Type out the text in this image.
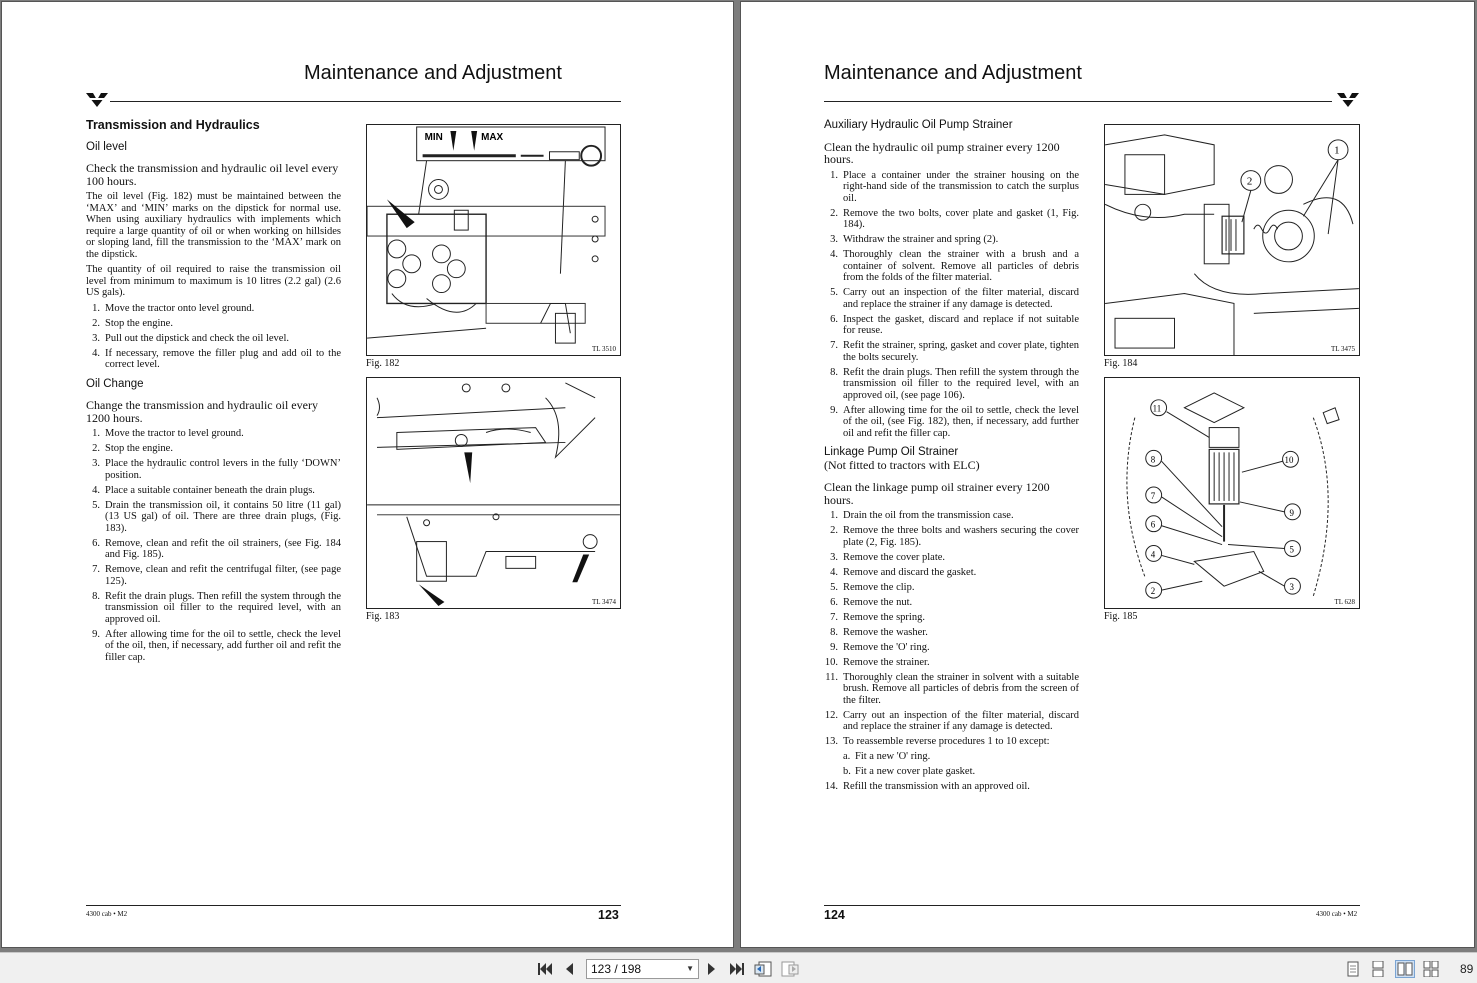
Maintenance and Adjustment
Transmission and Hydraulics
Oil level
Check the transmission and hydraulic oil level every 100 hours.
The oil level (Fig. 182) must be maintained between the ‘MAX’ and ‘MIN’ marks on the dipstick for normal use. When using auxiliary hydraulics with implements which require a large quantity of oil or when working on hillsides or sloping land, fill the transmission to the ‘MAX’ mark on the dipstick.
The quantity of oil required to raise the transmission oil level from minimum to maximum is 10 litres (2.2 gal) (2.6 US gals).
1. Move the tractor onto level ground.
2. Stop the engine.
3. Pull out the dipstick and check the oil level.
4. If necessary, remove the filler plug and add oil to the correct level.
Oil Change
Change the transmission and hydraulic oil every 1200 hours.
1. Move the tractor to level ground.
2. Stop the engine.
3. Place the hydraulic control levers in the fully ‘DOWN’ position.
4. Place a suitable container beneath the drain plugs.
5. Drain the transmission oil, it contains 50 litre (11 gal)(13 US gal) of oil. There are three drain plugs, (Fig. 183).
6. Remove, clean and refit the oil strainers, (see Fig. 184 and Fig. 185).
7. Remove, clean and refit the centrifugal filter, (see page 125).
8. Refit the drain plugs. Then refill the system through the transmission oil filler to the required level, with an approved oil.
9. After allowing time for the oil to settle, check the level of the oil, then, if necessary, add further oil and refit the filler cap.
MIN	MAX
TL 3510
Fig. 182
TL 3474
Fig. 183
4300 cab • M2	123
Maintenance and Adjustment
Auxiliary Hydraulic Oil Pump Strainer
Clean the hydraulic oil pump strainer every 1200 hours.
1. Place a container under the strainer housing on the right-hand side of the transmission to catch the surplus oil.
2. Remove the two bolts, cover plate and gasket (1, Fig. 184).
3. Withdraw the strainer and spring (2).
4. Thoroughly clean the strainer with a brush and a container of solvent. Remove all particles of debris from the folds of the filter material.
5. Carry out an inspection of the filter material, discard and replace the strainer if any damage is detected.
6. Inspect the gasket, discard and replace if not suitable for reuse.
7. Refit the strainer, spring, gasket and cover plate, tighten the bolts securely.
8. Refit the drain plugs. Then refill the system through the transmission oil filler to the required level, with an approved oil, (see page 106).
9. After allowing time for the oil to settle, check the level of the oil, (see Fig. 182), then, if necessary, add further oil and refit the filler cap.
Linkage Pump Oil Strainer
(Not fitted to tractors with ELC)
Clean the linkage pump oil strainer every 1200 hours.
1. Drain the oil from the transmission case.
2. Remove the three bolts and washers securing the cover plate (2, Fig. 185).
3. Remove the cover plate.
4. Remove and discard the gasket.
5. Remove the clip.
6. Remove the nut.
7. Remove the spring.
8. Remove the washer.
9. Remove the 'O' ring.
10. Remove the strainer.
11. Thoroughly clean the strainer in solvent with a suitable brush. Remove all particles of debris from the screen of the filter.
12. Carry out an inspection of the filter material, discard and replace the strainer if any damage is detected.
13. To reassemble reverse procedures 1 to 10 except:
a. Fit a new 'O' ring.
b. Fit a new cover plate gasket.
14. Refill the transmission with an approved oil.
1
2
TL 3475
Fig. 184
11
10
8
9
7
6
5
4
3
2
TL 628
Fig. 185
124	4300 cab • M2
123 / 198	▼	89
